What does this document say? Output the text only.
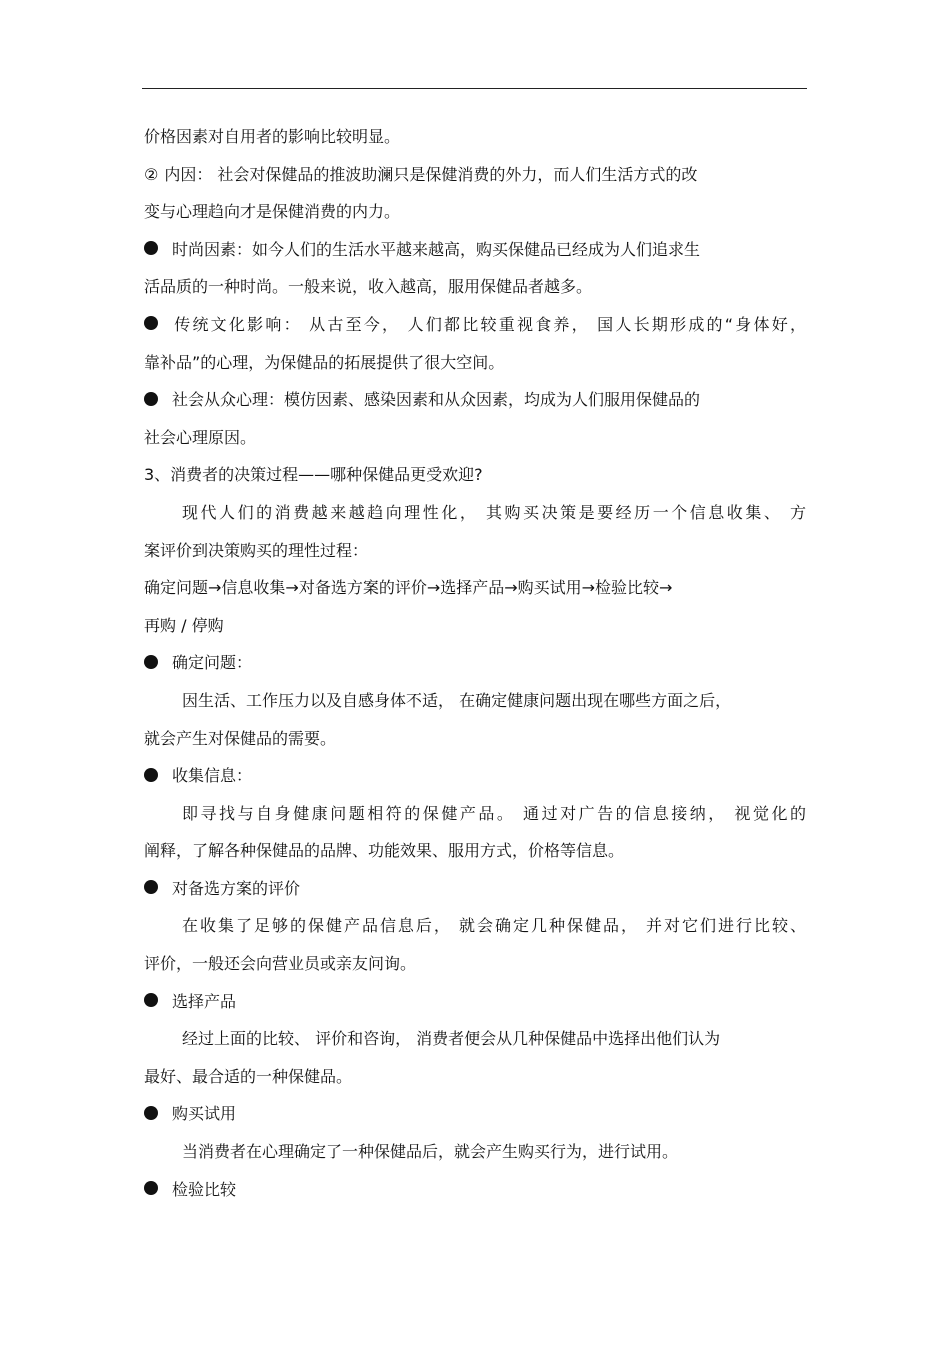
价格因素对自用者的影响比较明显。
② 内因： 社会对保健品的推波助澜只是保健消费的外力，而人们生活方式的改
变与心理趋向才是保健消费的内力。
时尚因素：如今人们的生活水平越来越高，购买保健品已经成为人们追求生
活品质的一种时尚。一般来说，收入越高，服用保健品者越多。
传统文化影响： 从古至今， 人们都比较重视食养， 国人长期形成的“身体好，
靠补品”的心理，为保健品的拓展提供了很大空间。
社会从众心理：模仿因素、感染因素和从众因素，均成为人们服用保健品的
社会心理原因。
3、消费者的决策过程——哪种保健品更受欢迎?
现代人们的消费越来越趋向理性化， 其购买决策是要经历一个信息收集、 方
案评价到决策购买的理性过程：
确定问题→信息收集→对备选方案的评价→选择产品→购买试用→检验比较→
再购 / 停购
确定问题：
因生活、工作压力以及自感身体不适， 在确定健康问题出现在哪些方面之后，
就会产生对保健品的需要。
收集信息：
即寻找与自身健康问题相符的保健产品。 通过对广告的信息接纳， 视觉化的
阐释，了解各种保健品的品牌、功能效果、服用方式，价格等信息。
对备选方案的评价
在收集了足够的保健产品信息后， 就会确定几种保健品， 并对它们进行比较、
评价，一般还会向营业员或亲友问询。
选择产品
经过上面的比较、 评价和咨询， 消费者便会从几种保健品中选择出他们认为
最好、最合适的一种保健品。
购买试用
当消费者在心理确定了一种保健品后，就会产生购买行为，进行试用。
检验比较
